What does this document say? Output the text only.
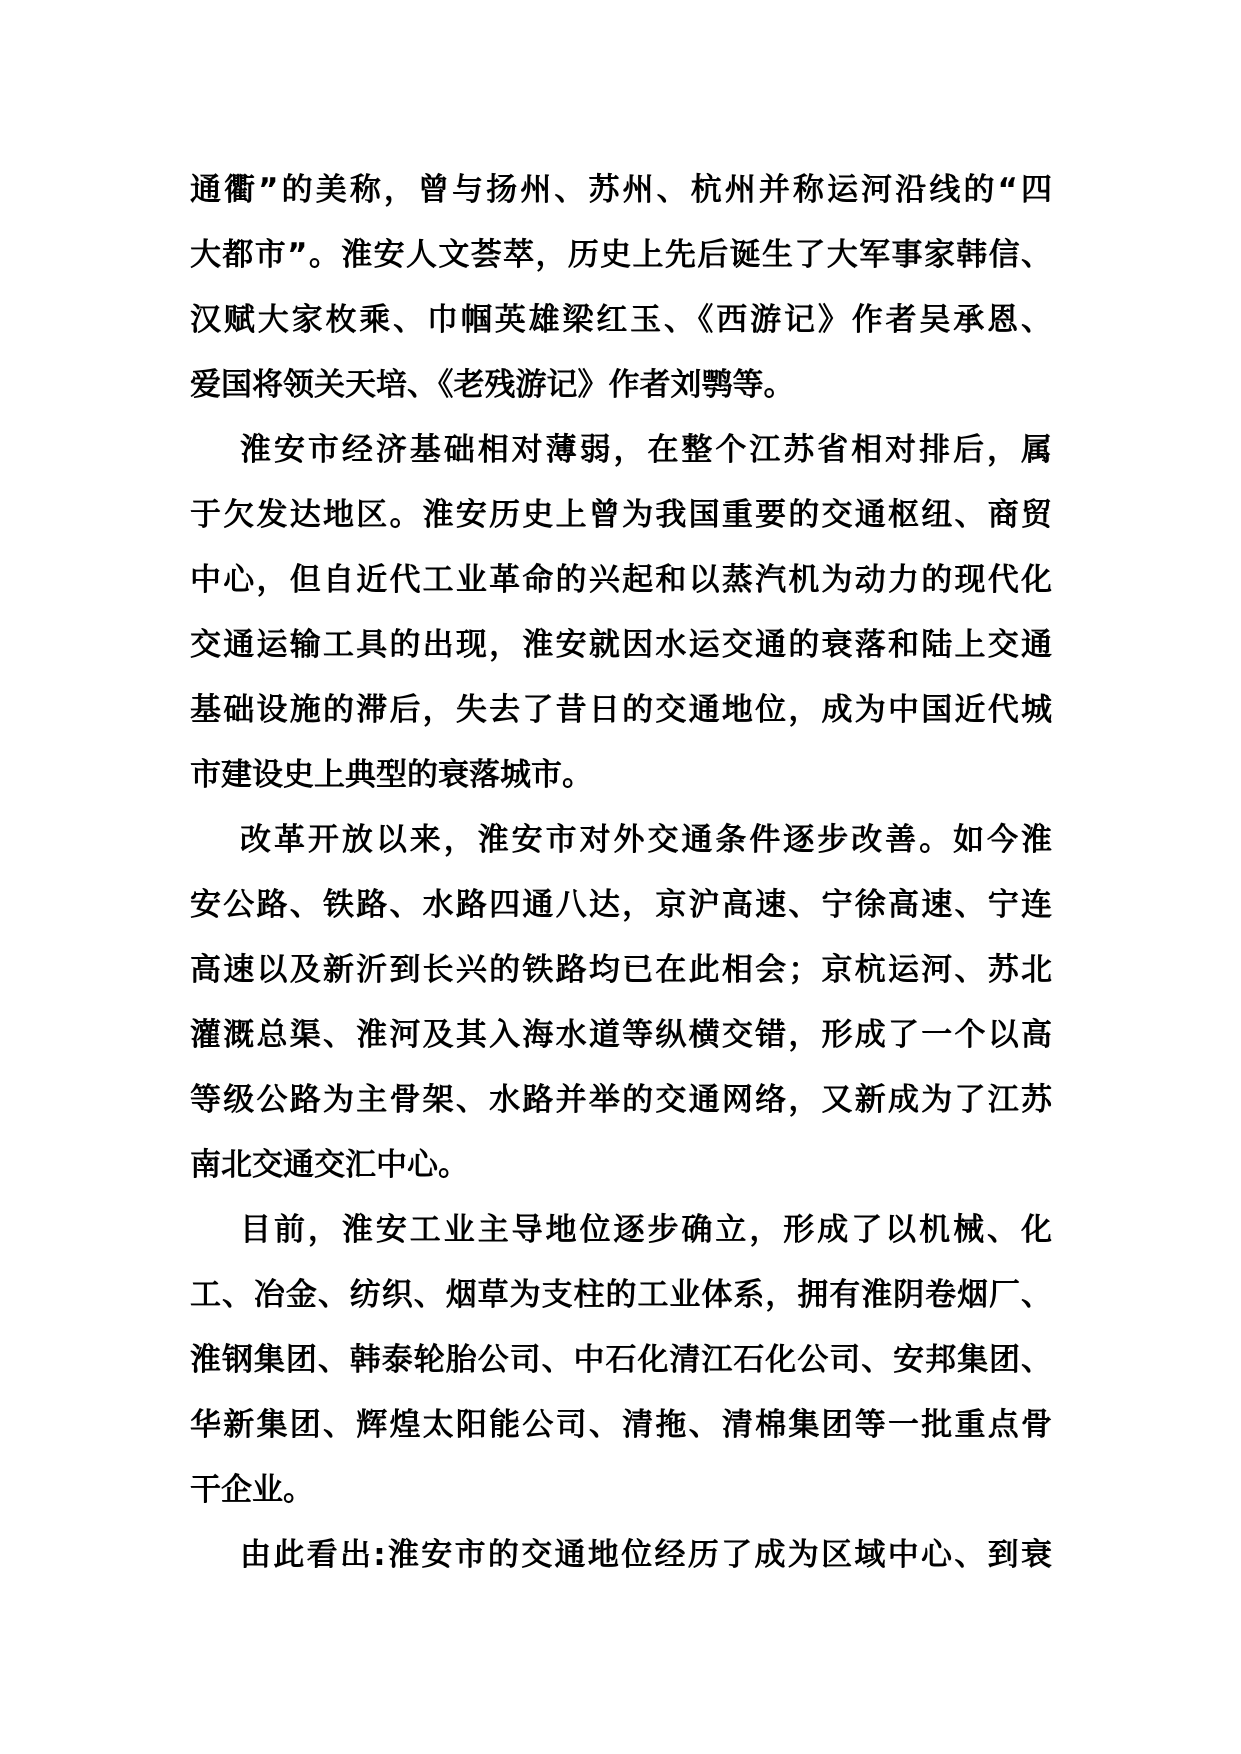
通衢”的美称，曾与扬州、苏州、杭州并称运河沿线的“四
大都市”。淮安人文荟萃，历史上先后诞生了大军事家韩信、
汉赋大家枚乘、巾帼英雄梁红玉、《西游记》作者吴承恩、
爱国将领关天培、《老残游记》作者刘鹗等。
淮安市经济基础相对薄弱，在整个江苏省相对排后，属
于欠发达地区。淮安历史上曾为我国重要的交通枢纽、商贸
中心，但自近代工业革命的兴起和以蒸汽机为动力的现代化
交通运输工具的出现，淮安就因水运交通的衰落和陆上交通
基础设施的滞后，失去了昔日的交通地位，成为中国近代城
市建设史上典型的衰落城市。
改革开放以来，淮安市对外交通条件逐步改善。如今淮
安公路、铁路、水路四通八达，京沪高速、宁徐高速、宁连
高速以及新沂到长兴的铁路均已在此相会；京杭运河、苏北
灌溉总渠、淮河及其入海水道等纵横交错，形成了一个以高
等级公路为主骨架、水路并举的交通网络，又新成为了江苏
南北交通交汇中心。
目前，淮安工业主导地位逐步确立，形成了以机械、化
工、冶金、纺织、烟草为支柱的工业体系，拥有淮阴卷烟厂、
淮钢集团、韩泰轮胎公司、中石化清江石化公司、安邦集团、
华新集团、辉煌太阳能公司、清拖、清棉集团等一批重点骨
干企业。
由此看出:淮安市的交通地位经历了成为区域中心、到衰
